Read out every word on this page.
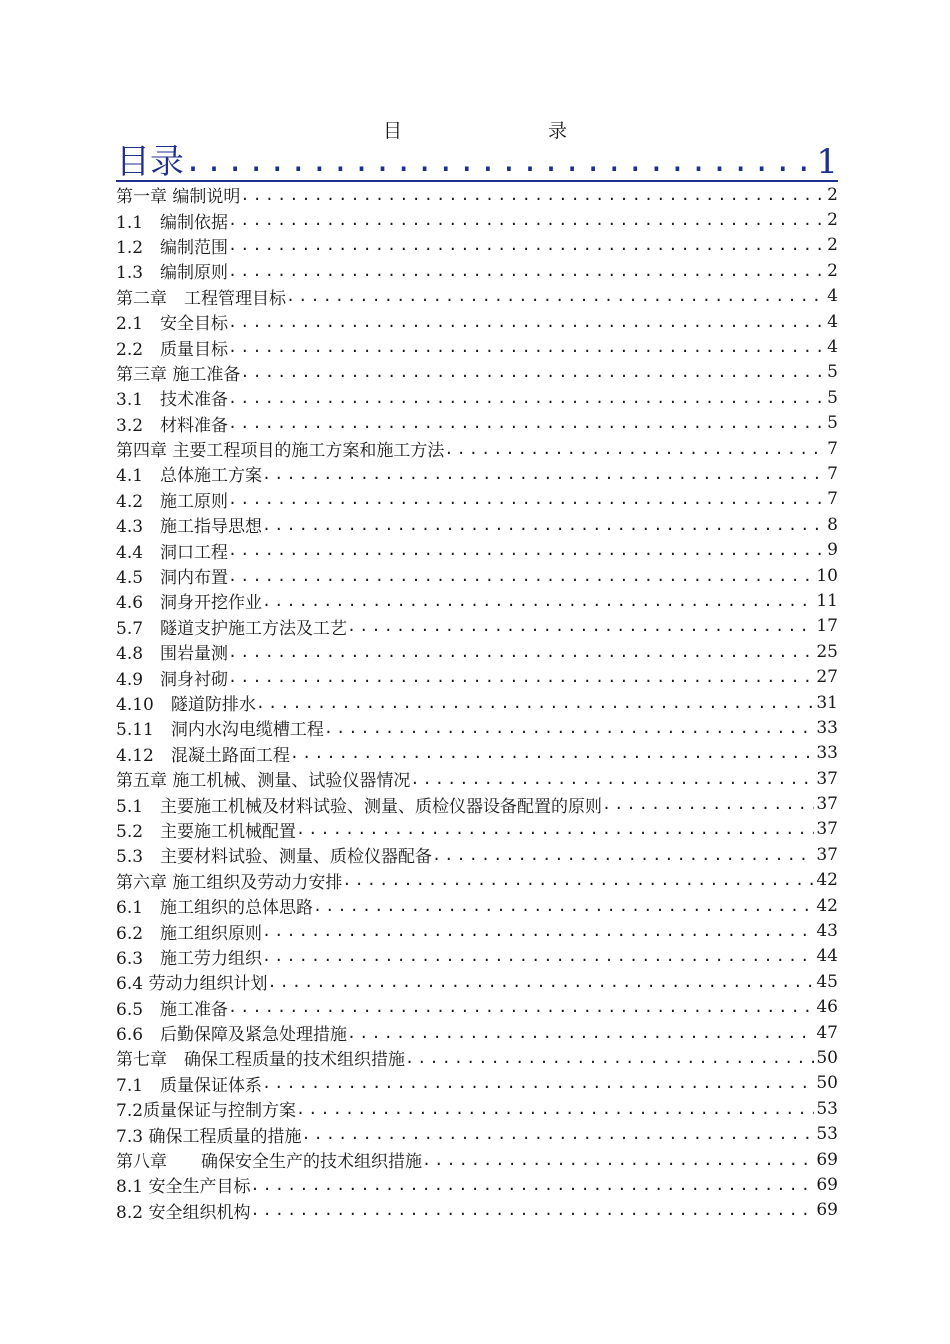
目　　录
目录 .....	1
第一章 编制说明 .....	2
1.1　编制依据 .....	2
1.2　编制范围 .....	2
1.3　编制原则 .....	2
第二章　工程管理目标 .....	4
2.1　安全目标 .....	4
2.2　质量目标 .....	4
第三章 施工准备 .....	5
3.1　技术准备 .....	5
3.2　材料准备 .....	5
第四章 主要工程项目的施工方案和施工方法 .....	7
4.1　总体施工方案 .....	7
4.2　施工原则 .....	7
4.3　施工指导思想 .....	8
4.4　洞口工程 .....	9
4.5　洞内布置 .....	10
4.6　洞身开挖作业 .....	11
5.7　隧道支护施工方法及工艺 .....	17
4.8　围岩量测 .....	25
4.9　洞身衬砌 .....	27
4.10　隧道防排水 .....	31
5.11　洞内水沟电缆槽工程 .....	33
4.12　混凝土路面工程 .....	33
第五章 施工机械、测量、试验仪器情况 .....	37
5.1　主要施工机械及材料试验、测量、质检仪器设备配置的原则 .....	37
5.2　主要施工机械配置 .....	37
5.3　主要材料试验、测量、质检仪器配备 .....	37
第六章 施工组织及劳动力安排 .....	42
6.1　施工组织的总体思路 .....	42
6.2　施工组织原则 .....	43
6.3　施工劳力组织 .....	44
6.4 劳动力组织计划 .....	45
6.5　施工准备 .....	46
6.6　后勤保障及紧急处理措施 .....	47
第七章　确保工程质量的技术组织措施 .....	50
7.1　质量保证体系 .....	50
7.2质量保证与控制方案 .....	53
7.3 确保工程质量的措施 .....	53
第八章　　确保安全生产的技术组织措施 .....	69
8.1 安全生产目标 .....	69
8.2 安全组织机构 .....	69
